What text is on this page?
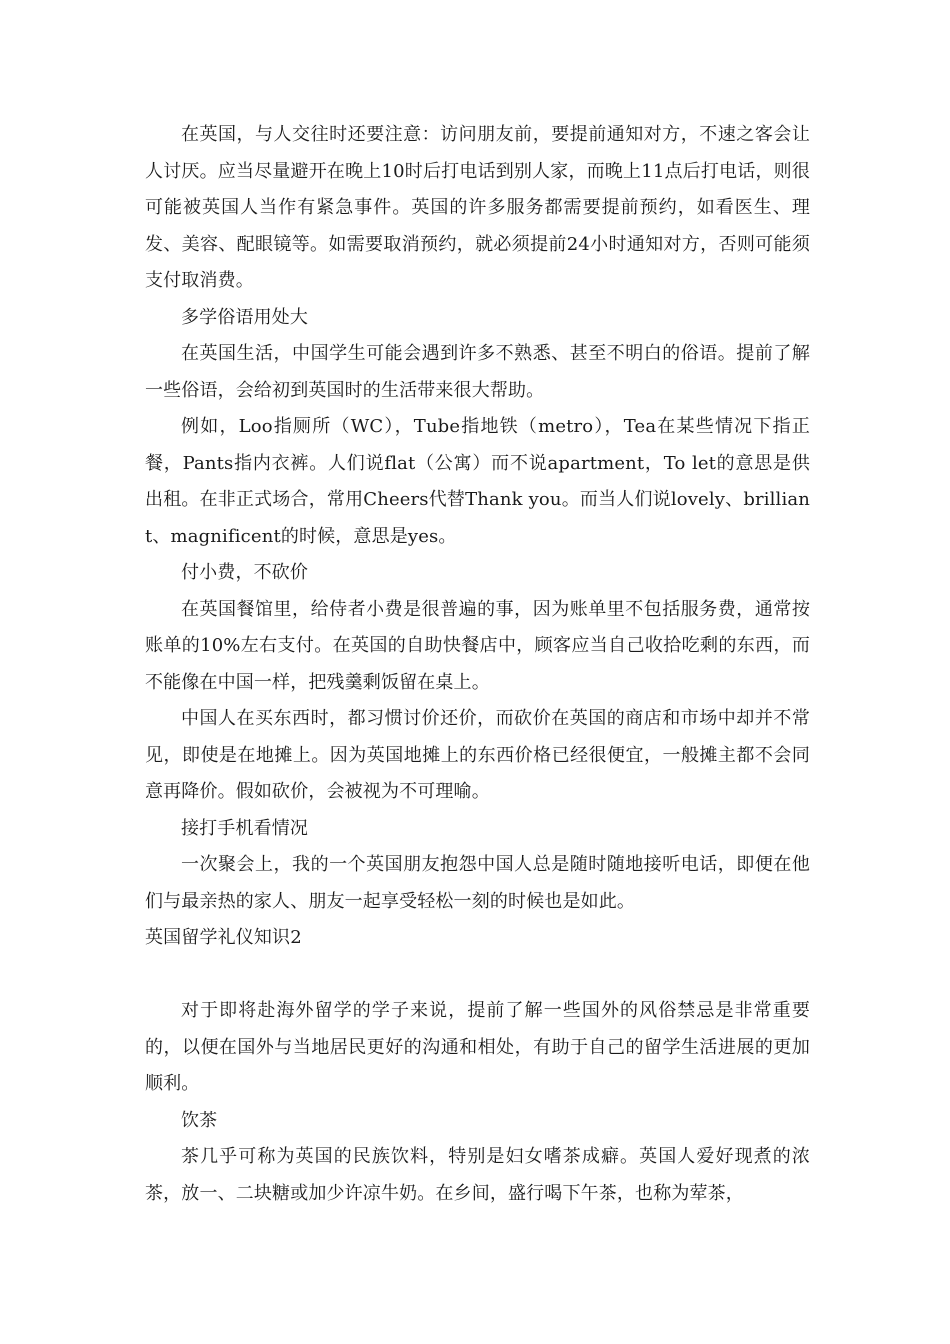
在英国，与人交往时还要注意：访问朋友前，要提前通知对方，不速之客会让人讨厌。应当尽量避开在晚上10时后打电话到别人家，而晚上11点后打电话，则很可能被英国人当作有紧急事件。英国的许多服务都需要提前预约，如看医生、理发、美容、配眼镜等。如需要取消预约，就必须提前24小时通知对方，否则可能须支付取消费。

多学俗语用处大

在英国生活，中国学生可能会遇到许多不熟悉、甚至不明白的俗语。提前了解一些俗语，会给初到英国时的生活带来很大帮助。

例如，Loo指厕所（WC），Tube指地铁（metro），Tea在某些情况下指正餐，Pants指内衣裤。人们说flat（公寓）而不说apartment，To let的意思是供出租。在非正式场合，常用Cheers代替Thank you。而当人们说lovely、brilliant、magnificent的时候，意思是yes。

付小费，不砍价

在英国餐馆里，给侍者小费是很普遍的事，因为账单里不包括服务费，通常按账单的10%左右支付。在英国的自助快餐店中，顾客应当自己收拾吃剩的东西，而不能像在中国一样，把残羹剩饭留在桌上。

中国人在买东西时，都习惯讨价还价，而砍价在英国的商店和市场中却并不常见，即使是在地摊上。因为英国地摊上的东西价格已经很便宜，一般摊主都不会同意再降价。假如砍价，会被视为不可理喻。

接打手机看情况

一次聚会上，我的一个英国朋友抱怨中国人总是随时随地接听电话，即便在他们与最亲热的家人、朋友一起享受轻松一刻的时候也是如此。

英国留学礼仪知识2

对于即将赴海外留学的学子来说，提前了解一些国外的风俗禁忌是非常重要的，以便在国外与当地居民更好的沟通和相处，有助于自己的留学生活进展的更加顺利。

饮茶

茶几乎可称为英国的民族饮料，特别是妇女嗜茶成癖。英国人爱好现煮的浓茶，放一、二块糖或加少许凉牛奶。在乡间，盛行喝下午茶，也称为荤茶，
